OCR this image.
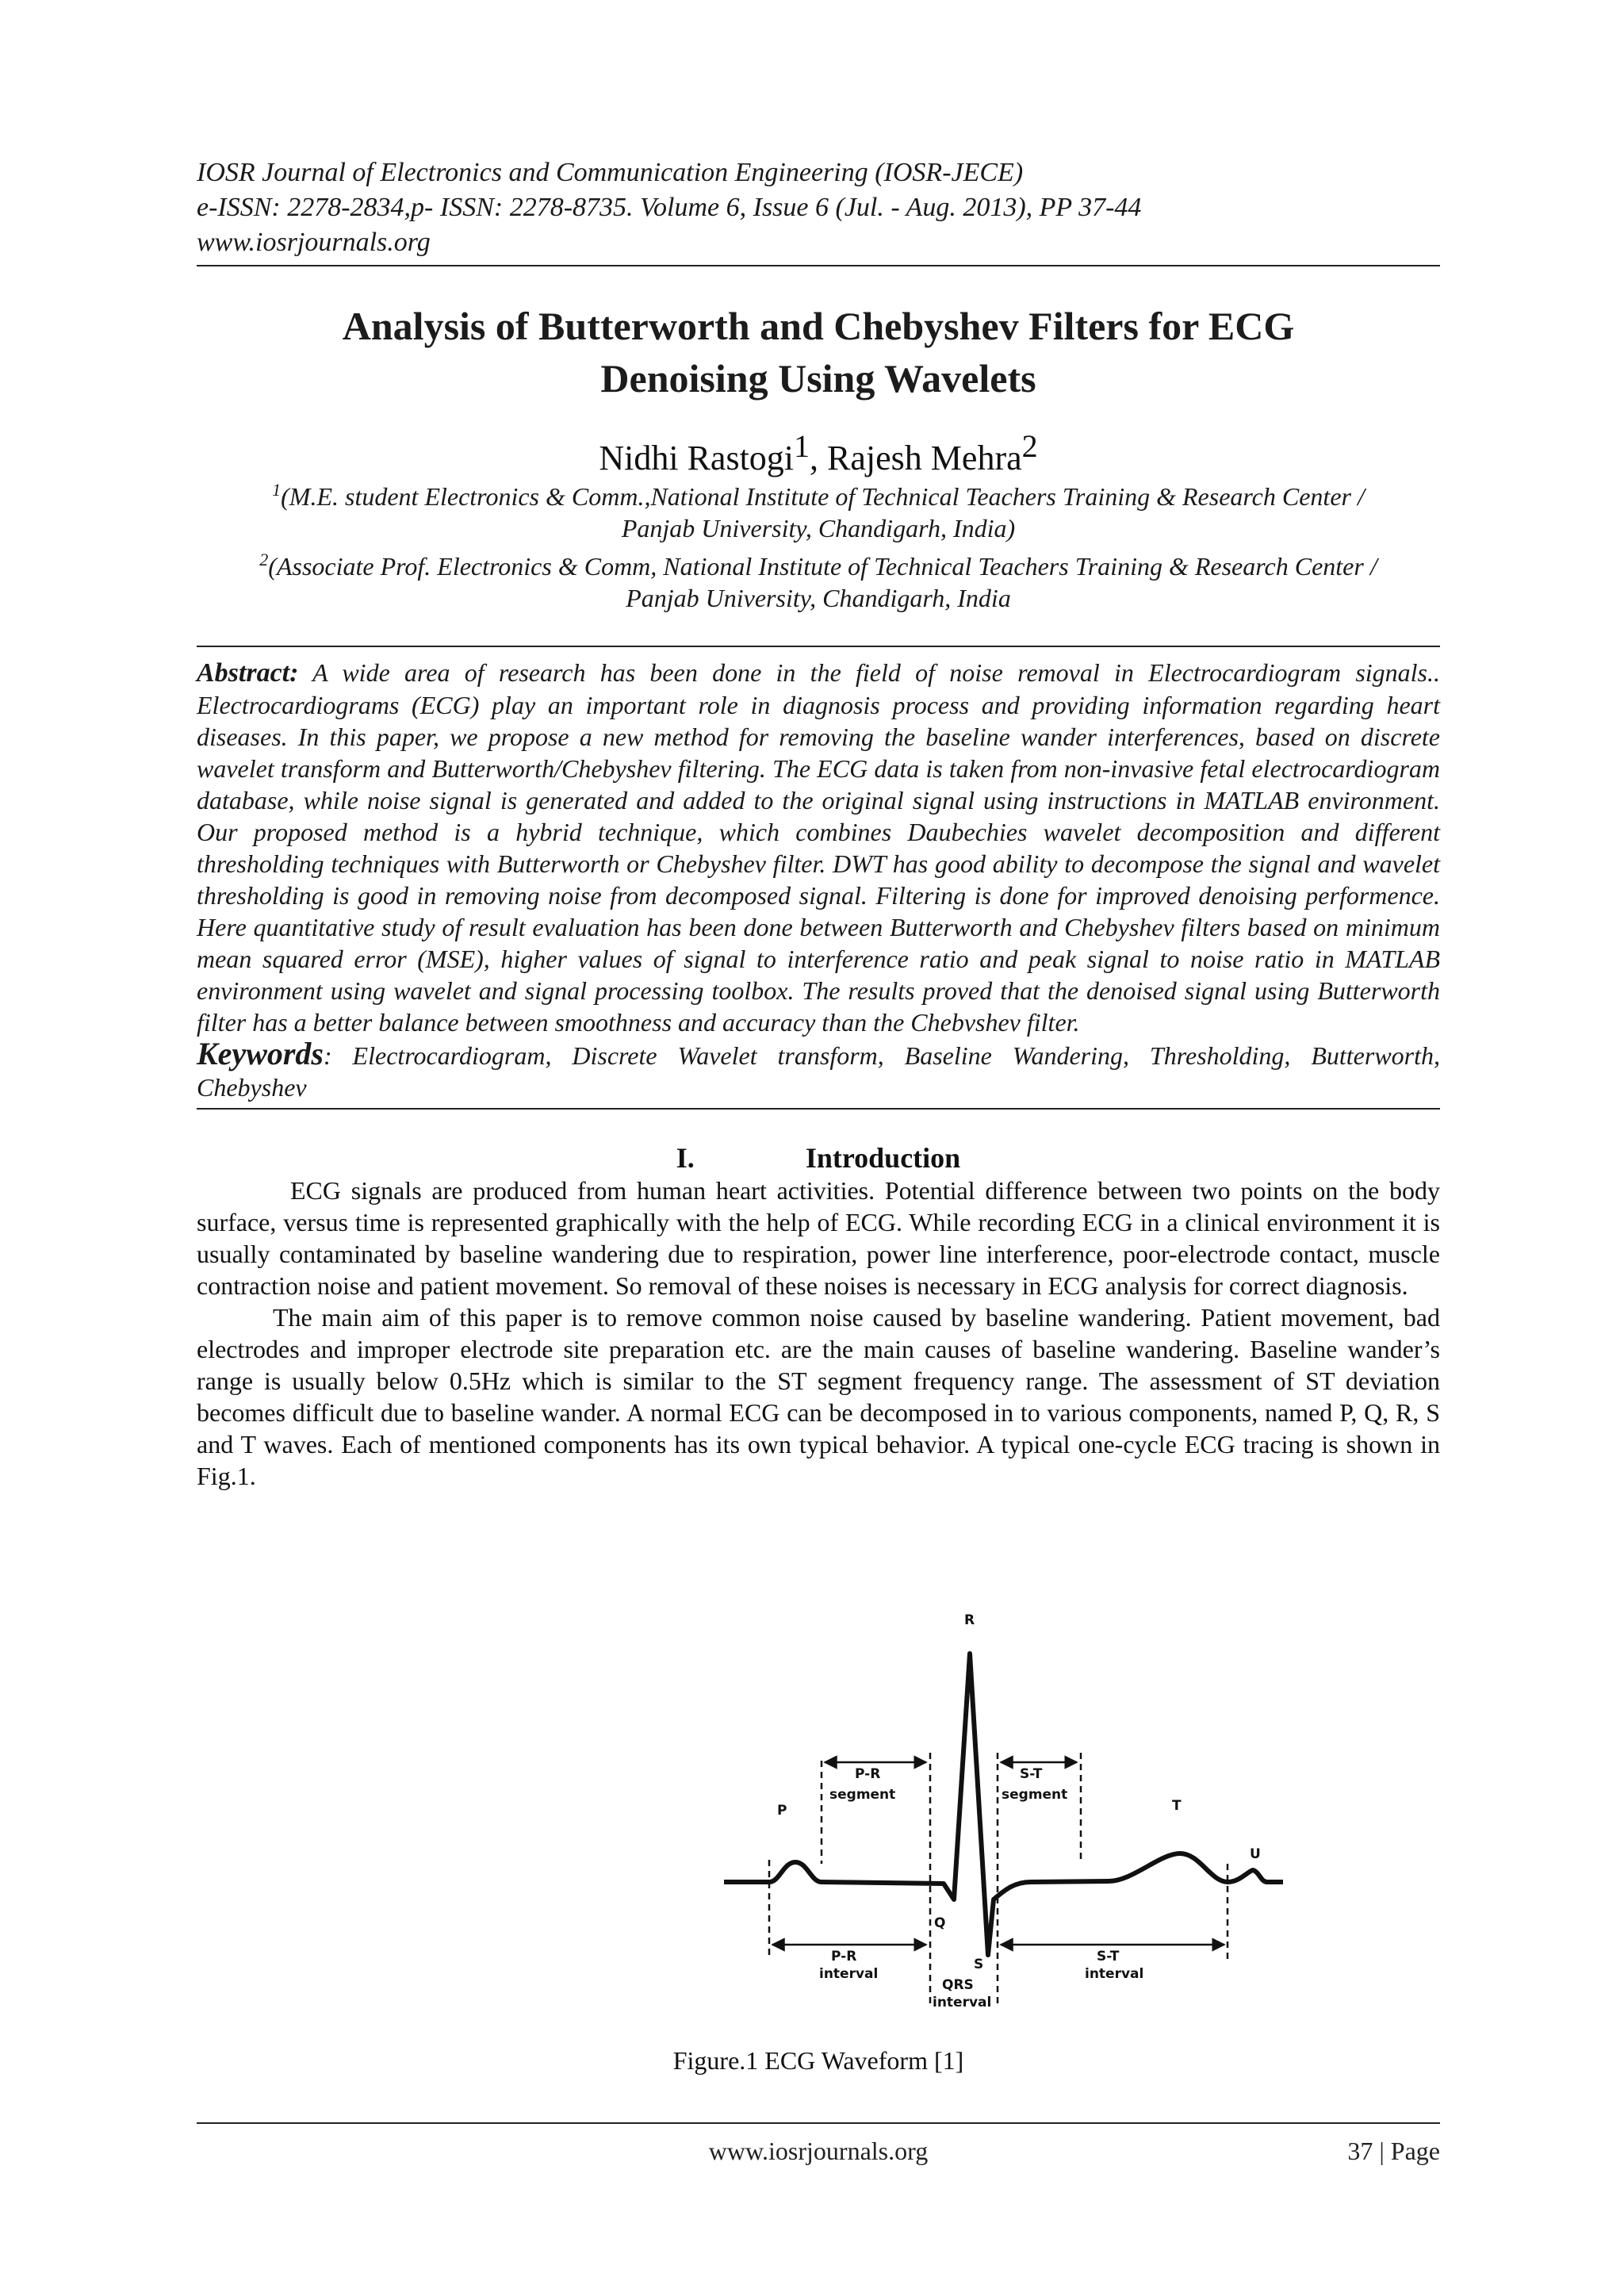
IOSR Journal of Electronics and Communication Engineering (IOSR-JECE)
e-ISSN: 2278-2834,p- ISSN: 2278-8735. Volume 6, Issue 6 (Jul. - Aug. 2013), PP 37-44
www.iosrjournals.org
Analysis of Butterworth and Chebyshev Filters for ECG
Denoising Using Wavelets
Nidhi Rastogi$^1$, Rajesh Mehra$^2$
$^1$(M.E. student Electronics & Comm.,National Institute of Technical Teachers Training & Research Center /
Panjab University, Chandigarh, India)
$^2$(Associate Prof. Electronics & Comm, National Institute of Technical Teachers Training & Research Center /
Panjab University, Chandigarh, India

Abstract: A wide area of research has been done in the field of noise removal in Electrocardiogram signals.. Electrocardiograms (ECG) play an important role in diagnosis process and providing information regarding heart diseases. In this paper, we propose a new method for removing the baseline wander interferences, based on discrete wavelet transform and Butterworth/Chebyshev filtering. The ECG data is taken from non-invasive fetal electrocardiogram database, while noise signal is generated and added to the original signal using instructions in MATLAB environment. Our proposed method is a hybrid technique, which combines Daubechies wavelet decomposition and different thresholding techniques with Butterworth or Chebyshev filter. DWT has good ability to decompose the signal and wavelet thresholding is good in removing noise from decomposed signal. Filtering is done for improved denoising performence. Here quantitative study of result evaluation has been done between Butterworth and Chebyshev filters based on minimum mean squared error (MSE), higher values of signal to interference ratio and peak signal to noise ratio in MATLAB environment using wavelet and signal processing toolbox. The results proved that the denoised signal using Butterworth filter has a better balance between smoothness and accuracy than the Chebvshev filter.

Keywords: Electrocardiogram, Discrete Wavelet transform, Baseline Wandering, Thresholding, Butterworth, Chebyshev

I.	Introduction

ECG signals are produced from human heart activities. Potential difference between two points on the body surface, versus time is represented graphically with the help of ECG. While recording ECG in a clinical environment it is usually contaminated by baseline wandering due to respiration, power line interference, poor-electrode contact, muscle contraction noise and patient movement. So removal of these noises is necessary in ECG analysis for correct diagnosis.

The main aim of this paper is to remove common noise caused by baseline wandering. Patient movement, bad electrodes and improper electrode site preparation etc. are the main causes of baseline wandering. Baseline wander’s range is usually below 0.5Hz which is similar to the ST segment frequency range. The assessment of ST deviation becomes difficult due to baseline wander. A normal ECG can be decomposed in to various components, named P, Q, R, S and T waves. Each of mentioned components has its own typical behavior. A typical one-cycle ECG tracing is shown in Fig.1.

R
P
Q
S
T
U
P-R
segment
S-T
segment
P-R
interval
QRS
interval
S-T
interval
Figure.1 ECG Waveform [1]
www.iosrjournals.org	37 | Page
